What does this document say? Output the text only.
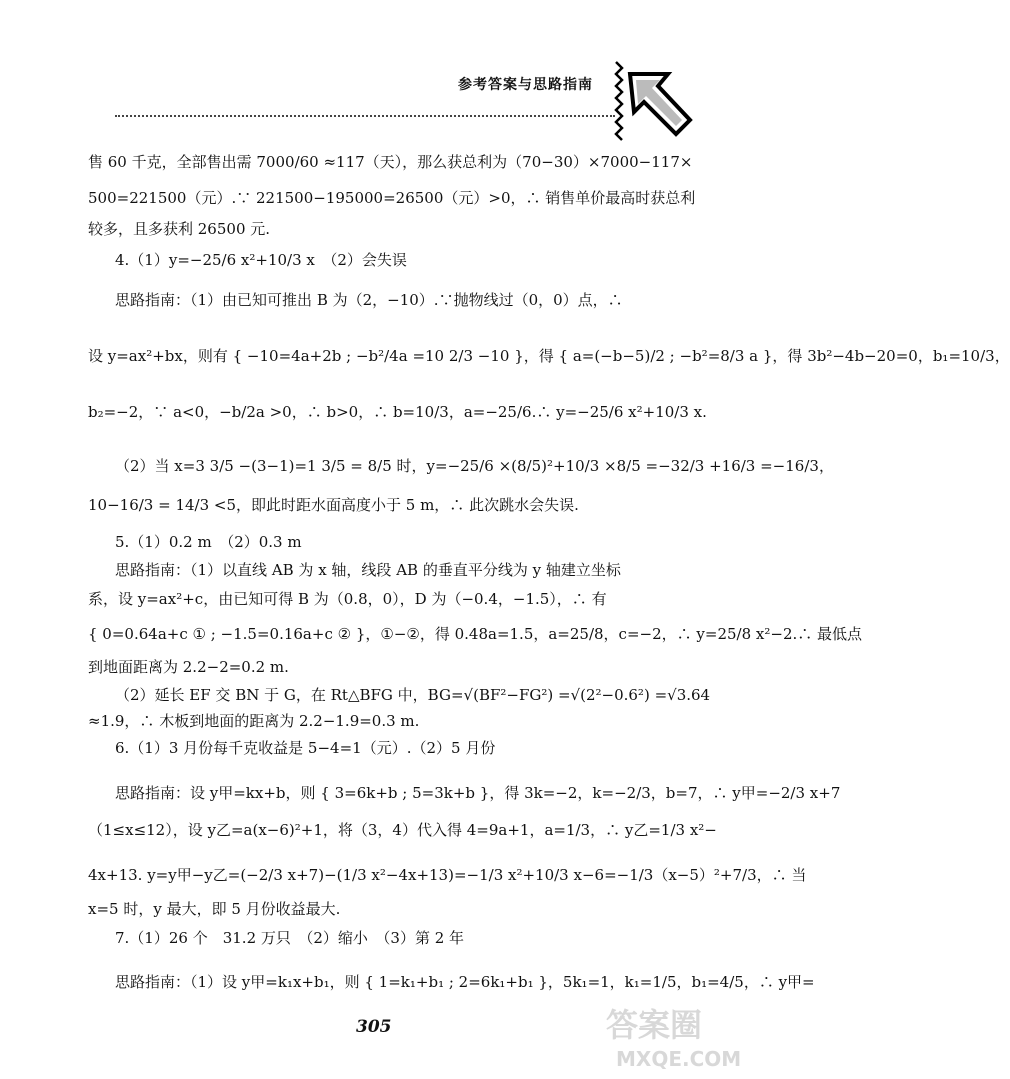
参考答案与思路指南
售 60 千克，全部售出需 7000/60 ≈117（天），那么获总利为（70−30）×7000−117×
500=221500（元）.∵ 221500−195000=26500（元）>0，∴ 销售单价最高时获总利
较多，且多获利 26500 元.
4.（1）y=−25/6 x²+10/3 x　（2）会失误
思路指南：（1）由已知可推出 B 为（2，−10）.∵抛物线过（0，0）点，∴
设 y=ax²+bx，则有 { −10=4a+2b ; −b²/4a =10 2/3 −10 }，得 { a=(−b−5)/2 ; −b²=8/3 a }，得 3b²−4b−20=0，b₁=10/3，
b₂=−2，∵ a<0，−b/2a >0，∴ b>0，∴ b=10/3，a=−25/6.∴ y=−25/6 x²+10/3 x.
（2）当 x=3 3/5 −(3−1)=1 3/5 = 8/5 时，y=−25/6 ×(8/5)²+10/3 ×8/5 =−32/3 +16/3 =−16/3，
10−16/3 = 14/3 <5，即此时距水面高度小于 5 m，∴ 此次跳水会失误.
5.（1）0.2 m　（2）0.3 m
思路指南：（1）以直线 AB 为 x 轴，线段 AB 的垂直平分线为 y 轴建立坐标
系，设 y=ax²+c，由已知可得 B 为（0.8，0），D 为（−0.4，−1.5），∴ 有
{ 0=0.64a+c ① ; −1.5=0.16a+c ② }，①−②，得 0.48a=1.5，a=25/8，c=−2，∴ y=25/8 x²−2.∴ 最低点
到地面距离为 2.2−2=0.2 m.
（2）延长 EF 交 BN 于 G，在 Rt△BFG 中，BG=√(BF²−FG²) =√(2²−0.6²) =√3.64
≈1.9，∴ 木板到地面的距离为 2.2−1.9=0.3 m.
6.（1）3 月份每千克收益是 5−4=1（元）.（2）5 月份
思路指南：设 y甲=kx+b，则 { 3=6k+b ; 5=3k+b }，得 3k=−2，k=−2/3，b=7，∴ y甲=−2/3 x+7
（1≤x≤12），设 y乙=a(x−6)²+1，将（3，4）代入得 4=9a+1，a=1/3，∴ y乙=1/3 x²−
4x+13. y=y甲−y乙=(−2/3 x+7)−(1/3 x²−4x+13)=−1/3 x²+10/3 x−6=−1/3（x−5）²+7/3，∴ 当
x=5 时，y 最大，即 5 月份收益最大.
7.（1）26 个　31.2 万只　（2）缩小　（3）第 2 年
思路指南：（1）设 y甲=k₁x+b₁，则 { 1=k₁+b₁ ; 2=6k₁+b₁ }，5k₁=1，k₁=1/5，b₁=4/5，∴ y甲=
305	答案圈
MXQE.COM
